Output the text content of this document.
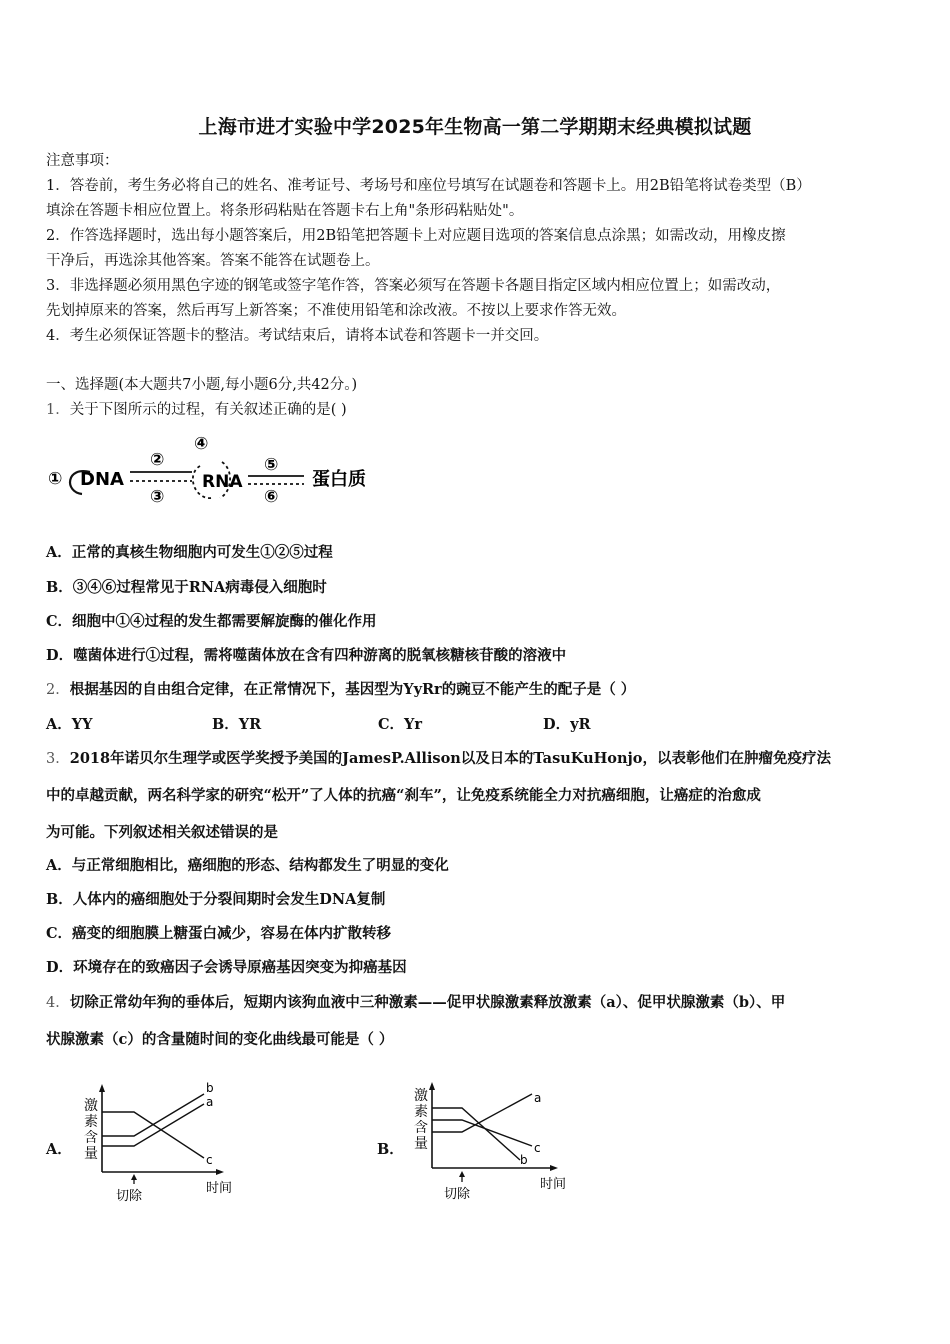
上海市进才实验中学2025年生物高一第二学期期末经典模拟试题
注意事项：
1．答卷前，考生务必将自己的姓名、准考证号、考场号和座位号填写在试题卷和答题卡上。用2B铅笔将试卷类型（B）
填涂在答题卡相应位置上。将条形码粘贴在答题卡右上角"条形码粘贴处"。
2．作答选择题时，选出每小题答案后，用2B铅笔把答题卡上对应题目选项的答案信息点涂黑；如需改动，用橡皮擦
干净后，再选涂其他答案。答案不能答在试题卷上。
3．非选择题必须用黑色字迹的钢笔或签字笔作答，答案必须写在答题卡各题目指定区域内相应位置上；如需改动，
先划掉原来的答案，然后再写上新答案；不准使用铅笔和涂改液。不按以上要求作答无效。
4．考生必须保证答题卡的整洁。考试结束后，请将本试卷和答题卡一并交回。
一、选择题(本大题共7小题,每小题6分,共42分。)
1．关于下图所示的过程，有关叙述正确的是( )
① DNA
②
③
④
RNA
⑤
⑥
蛋白质
A．正常的真核生物细胞内可发生①②⑤过程
B．③④⑥过程常见于RNA病毒侵入细胞时
C．细胞中①④过程的发生都需要解旋酶的催化作用
D．噬菌体进行①过程，需将噬菌体放在含有四种游离的脱氧核糖核苷酸的溶液中
2．根据基因的自由组合定律，在正常情况下，基因型为YyRr的豌豆不能产生的配子是（ ）
A．YY	B．YR	C．Yr	D．yR
3．2018年诺贝尔生理学或医学奖授予美国的JamesP.Allison以及日本的TasuKuHonjo，以表彰他们在肿瘤免疫疗法
中的卓越贡献，两名科学家的研究“松开”了人体的抗癌“刹车”，让免疫系统能全力对抗癌细胞，让癌症的治愈成
为可能。下列叙述相关叙述错误的是
A．与正常细胞相比，癌细胞的形态、结构都发生了明显的变化
B．人体内的癌细胞处于分裂间期时会发生DNA复制
C．癌变的细胞膜上糖蛋白减少，容易在体内扩散转移
D．环境存在的致癌因子会诱导原癌基因突变为抑癌基因
4．切除正常幼年狗的垂体后，短期内该狗血液中三种激素——促甲状腺激素释放激素（a）、促甲状腺激素（b）、甲
状腺激素（c）的含量随时间的变化曲线最可能是（ ）
A．
激
素
含
量
b
a
c
切除
时间
B．
激
素
含
量
a
c
b
切除
时间
